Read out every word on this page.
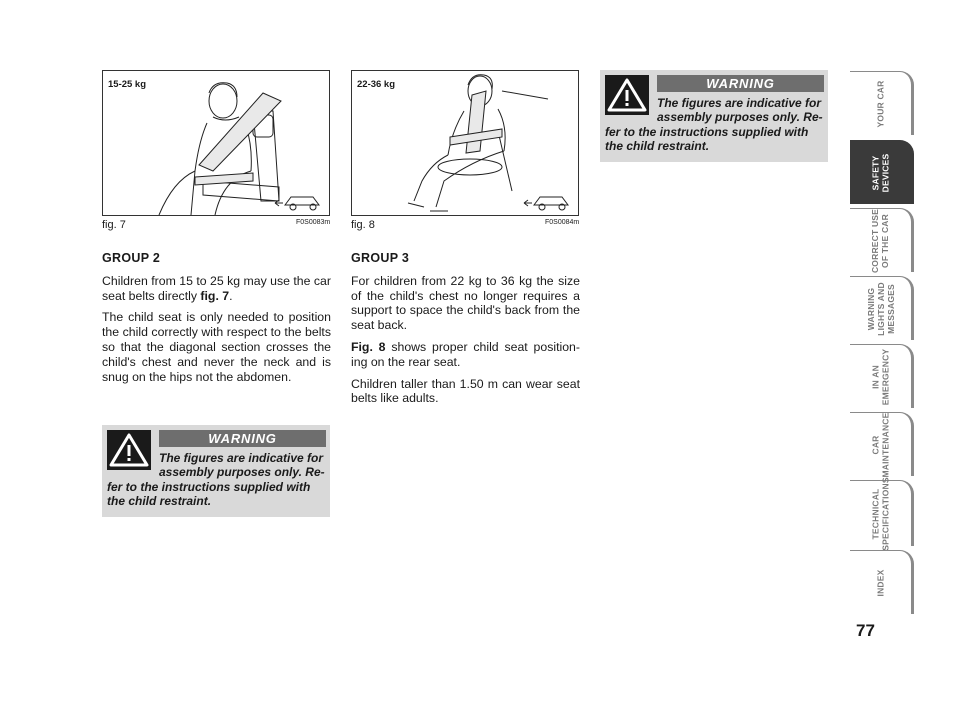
15-25 kg
fig. 7	F0S0083m
22-36 kg
fig. 8	F0S0084m
GROUP 2

Children from 15 to 25 kg may use the car seat belts directly fig. 7.

The child seat is only needed to position the child correctly with respect to the belts so that the diagonal section crosses the child's chest and never the neck and is snug on the hips not the abdomen.

GROUP 3

For children from 22 kg to 36 kg the size of the child's chest no longer requires a support to space the child's back from the seat back.

Fig. 8 shows proper child seat position-ing on the rear seat.

Children taller than 1.50 m can wear seat belts like adults.

WARNING
The figures are indicative for
assembly purposes only. Re-
fer to the instructions supplied with
the child restraint.
WARNING
The figures are indicative for
assembly purposes only. Re-
fer to the instructions supplied with
the child restraint.
YOUR CAR
SAFETY
DEVICES
CORRECT USE
OF THE CAR
WARNING
LIGHTS AND
MESSAGES
IN AN
EMERGENCY
CAR
MAINTENANCE
TECHNICAL
SPECIFICATIONS
INDEX
77
